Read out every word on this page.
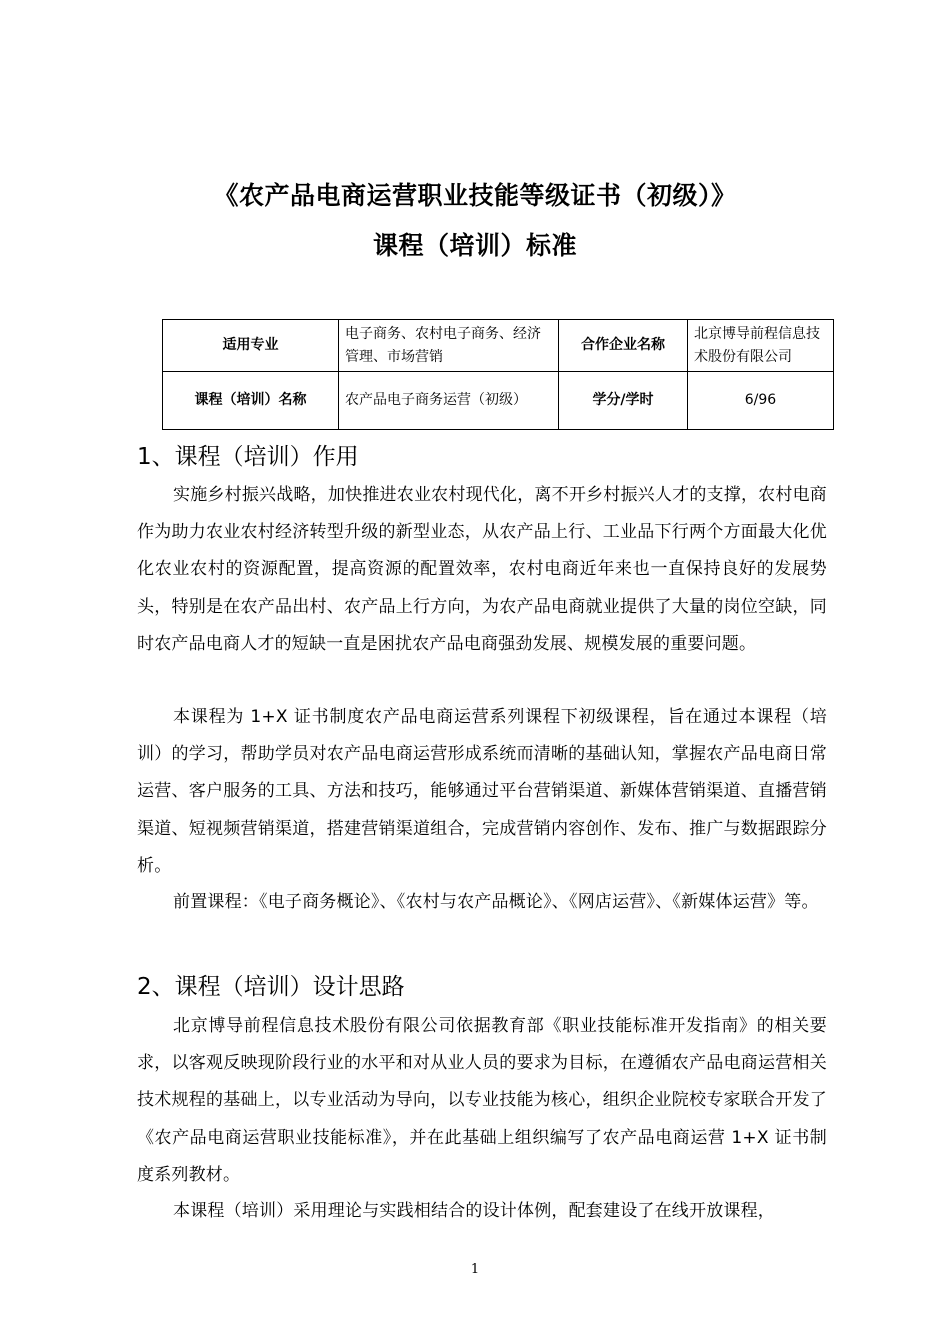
《农产品电商运营职业技能等级证书（初级）》
课程（培训）标准
适用专业	电子商务、农村电子商务、经济管理、市场营销	合作企业名称	北京博导前程信息技术股份有限公司
课程（培训）名称	农产品电子商务运营（初级）	学分/学时	6/96
1、课程（培训）作用

实施乡村振兴战略，加快推进农业农村现代化，离不开乡村振兴人才的支撑，农村电商作为助力农业农村经济转型升级的新型业态，从农产品上行、工业品下行两个方面最大化优化农业农村的资源配置，提高资源的配置效率，农村电商近年来也一直保持良好的发展势头，特别是在农产品出村、农产品上行方向，为农产品电商就业提供了大量的岗位空缺，同时农产品电商人才的短缺一直是困扰农产品电商强劲发展、规模发展的重要问题。

本课程为 1+X 证书制度农产品电商运营系列课程下初级课程，旨在通过本课程（培训）的学习，帮助学员对农产品电商运营形成系统而清晰的基础认知，掌握农产品电商日常运营、客户服务的工具、方法和技巧，能够通过平台营销渠道、新媒体营销渠道、直播营销渠道、短视频营销渠道，搭建营销渠道组合，完成营销内容创作、发布、推广与数据跟踪分析。

前置课程：《电子商务概论》、《农村与农产品概论》、《网店运营》、《新媒体运营》等。

2、课程（培训）设计思路

北京博导前程信息技术股份有限公司依据教育部《职业技能标准开发指南》的相关要求，以客观反映现阶段行业的水平和对从业人员的要求为目标，在遵循农产品电商运营相关技术规程的基础上，以专业活动为导向，以专业技能为核心，组织企业院校专家联合开发了《农产品电商运营职业技能标准》，并在此基础上组织编写了农产品电商运营 1+X 证书制度系列教材。

本课程（培训）采用理论与实践相结合的设计体例，配套建设了在线开放课程，

1
